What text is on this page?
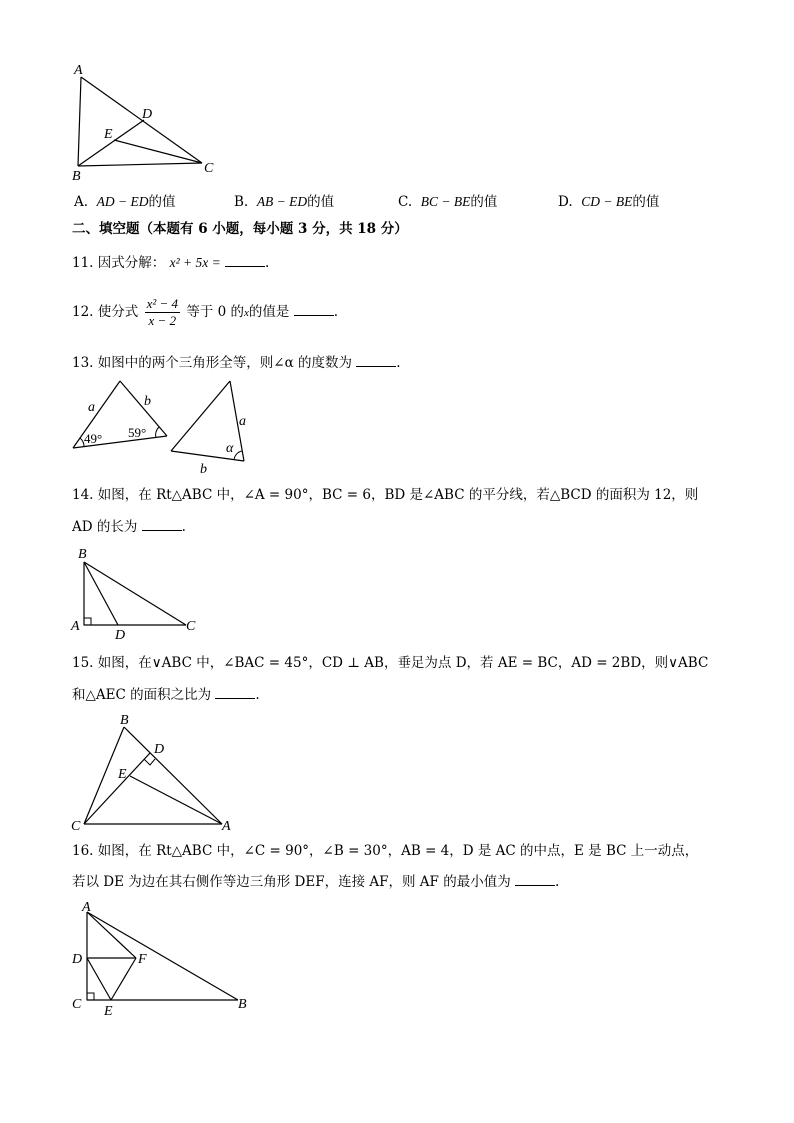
A
D
E
B
C
A. AD − ED的值	B. AB − ED的值	C. BC − BE的值	D. CD − BE的值
二、填空题（本题有 6 小题，每小题 3 分，共 18 分）
11. 因式分解： x² + 5x =	.
12. 使分式 $\frac{\text{x² − 4}}{x - 2}$ 等于 0 的x的值是	.
13. 如图中的两个三角形全等，则∠α 的度数为	.
a	b
49° 59°
a
b
α
14. 如图，在 Rt△ABC 中，∠A = 90°，BC = 6，BD 是∠ABC 的平分线，若△BCD 的面积为 12，则
AD 的长为	.
B
A
D
C
15. 如图，在∨ABC 中，∠BAC = 45°，CD ⊥ AB，垂足为点 D，若 AE = BC，AD = 2BD，则∨ABC
和△AEC 的面积之比为	.
B
D
E
C	A
16. 如图，在 Rt△ABC 中，∠C = 90°，∠B = 30°，AB = 4，D 是 AC 的中点，E 是 BC 上一动点，
若以 DE 为边在其右侧作等边三角形 DEF，连接 AF，则 AF 的最小值为	.
A
D	F
C E	B
